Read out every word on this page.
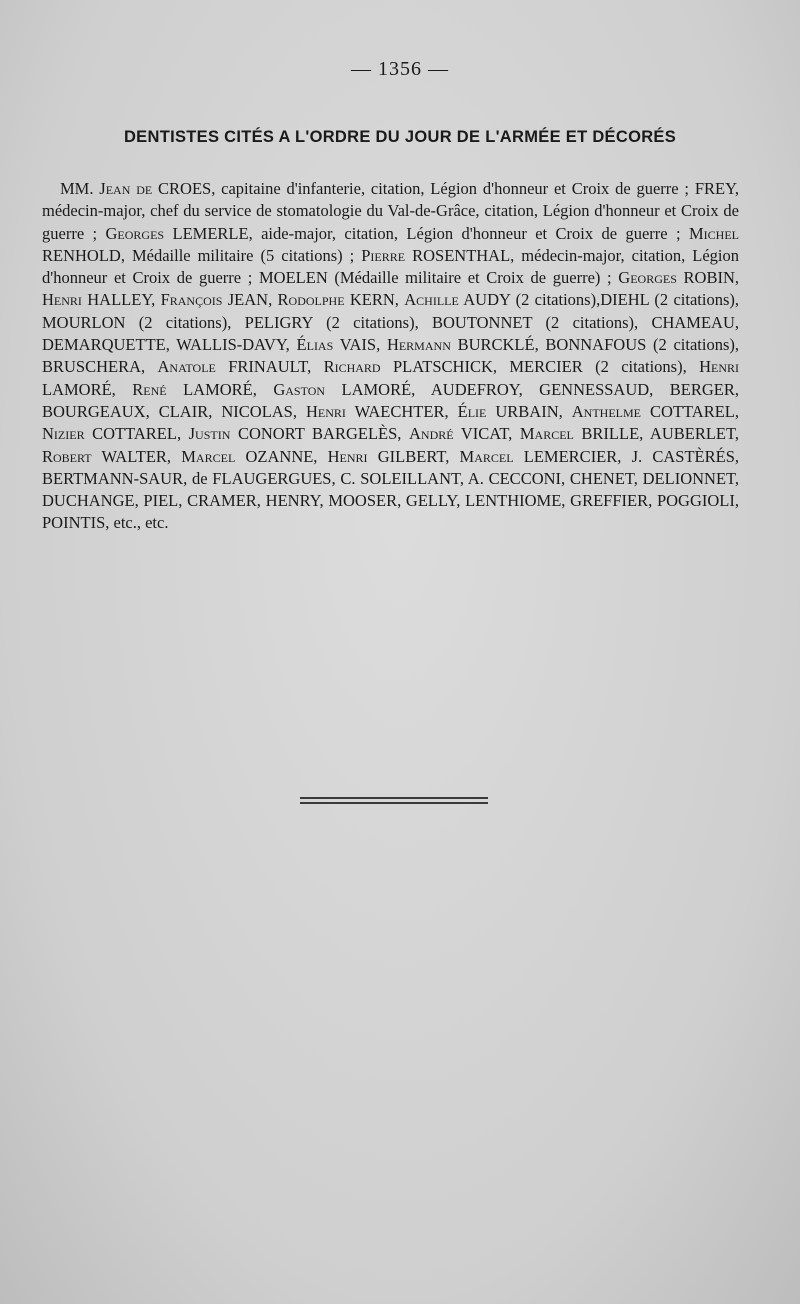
— 1356 —
DENTISTES CITÉS A L'ORDRE DU JOUR DE L'ARMÉE ET DÉCORÉS
MM. Jean de CROES, capitaine d'infanterie, citation, Légion d'honneur et Croix de guerre ; FREY, médecin-major, chef du service de stomatologie du Val-de-Grâce, citation, Légion d'honneur et Croix de guerre ; Georges LEMERLE, aide-major, citation, Légion d'honneur et Croix de guerre ; Michel RENHOLD, Médaille militaire (5 citations) ; Pierre ROSENTHAL, médecin-major, citation, Légion d'honneur et Croix de guerre ; MOELEN (Médaille militaire et Croix de guerre) ; Georges ROBIN, Henri HALLEY, François JEAN, Rodolphe KERN, Achille AUDY (2 citations),DIEHL (2 citations), MOURLON (2 citations), PELIGRY (2 citations), BOUTONNET (2 citations), CHAMEAU, DEMARQUETTE, WALLIS-DAVY, Élias VAIS, Hermann BURCKLÉ, BONNAFOUS (2 citations), BRUSCHERA, Anatole FRINAULT, Richard PLATSCHICK, MERCIER (2 citations), Henri LAMORÉ, René LAMORÉ, Gaston LAMORÉ, AUDEFROY, GENNESSAUD, BERGER, BOURGEAUX, CLAIR, NICOLAS, Henri WAECHTER, Élie URBAIN, Anthelme COTTAREL, Nizier COTTAREL, Justin CONORT BARGELÈS, André VICAT, Marcel BRILLE, AUBERLET, Robert WALTER, Marcel OZANNE, Henri GILBERT, Marcel LEMERCIER, J. CASTÈRÉS, BERTMANN-SAUR, de FLAUGERGUES, C. SOLEILLANT, A. CECCONI, CHENET, DELIONNET, DUCHANGE, PIEL, CRAMER, HENRY, MOOSER, GELLY, LENTHIOME, GREFFIER, POGGIOLI, POINTIS, etc., etc.
